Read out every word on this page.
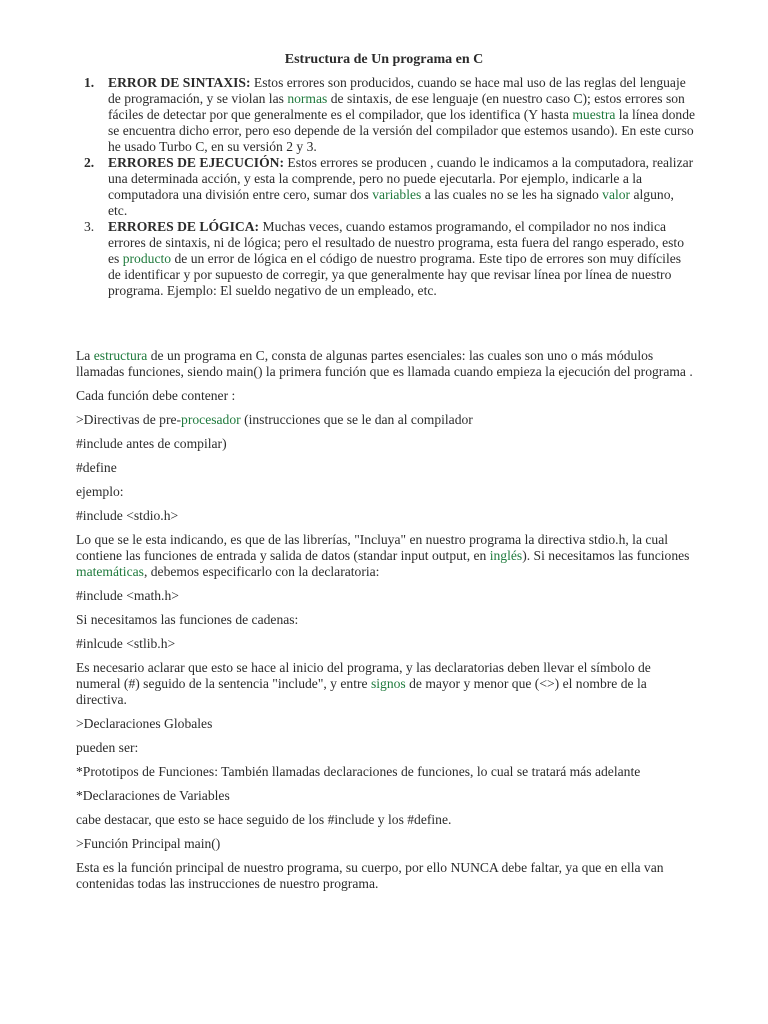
Estructura de Un programa en C
1. ERROR DE SINTAXIS: Estos errores son producidos, cuando se hace mal uso de las reglas del lenguaje de programación, y se violan las normas de sintaxis, de ese lenguaje (en nuestro caso C); estos errores son fáciles de detectar por que generalmente es el compilador, que los identifica (Y hasta muestra la línea donde se encuentra dicho error, pero eso depende de la versión del compilador que estemos usando). En este curso he usado Turbo C, en su versión 2 y 3.
2. ERRORES DE EJECUCIÓN: Estos errores se producen , cuando le indicamos a la computadora, realizar una determinada acción, y esta la comprende, pero no puede ejecutarla. Por ejemplo, indicarle a la computadora una división entre cero, sumar dos variables a las cuales no se les ha signado valor alguno, etc.
3. ERRORES DE LÓGICA: Muchas veces, cuando estamos programando, el compilador no nos indica errores de sintaxis, ni de lógica; pero el resultado de nuestro programa, esta fuera del rango esperado, esto es producto de un error de lógica en el código de nuestro programa. Este tipo de errores son muy difíciles de identificar y por supuesto de corregir, ya que generalmente hay que revisar línea por línea de nuestro programa. Ejemplo: El sueldo negativo de un empleado, etc.

La estructura de un programa en C, consta de algunas partes esenciales: las cuales son uno o más módulos llamadas funciones, siendo main() la primera función que es llamada cuando empieza la ejecución del programa .

Cada función debe contener :

>Directivas de pre-procesador (instrucciones que se le dan al compilador

#include antes de compilar)

#define

ejemplo:

#include <stdio.h>

Lo que se le esta indicando, es que de las librerías, "Incluya" en nuestro programa la directiva stdio.h, la cual contiene las funciones de entrada y salida de datos (standar input output, en inglés). Si necesitamos las funciones matemáticas, debemos especificarlo con la declaratoria:

#include <math.h>

Si necesitamos las funciones de cadenas:

#inlcude <stlib.h>

Es necesario aclarar que esto se hace al inicio del programa, y las declaratorias deben llevar el símbolo de numeral (#) seguido de la sentencia "include", y entre signos de mayor y menor que (<>) el nombre de la directiva.

>Declaraciones Globales

pueden ser:

*Prototipos de Funciones: También llamadas declaraciones de funciones, lo cual se tratará más adelante

*Declaraciones de Variables

cabe destacar, que esto se hace seguido de los #include y los #define.

>Función Principal main()

Esta es la función principal de nuestro programa, su cuerpo, por ello NUNCA debe faltar, ya que en ella van contenidas todas las instrucciones de nuestro programa.
